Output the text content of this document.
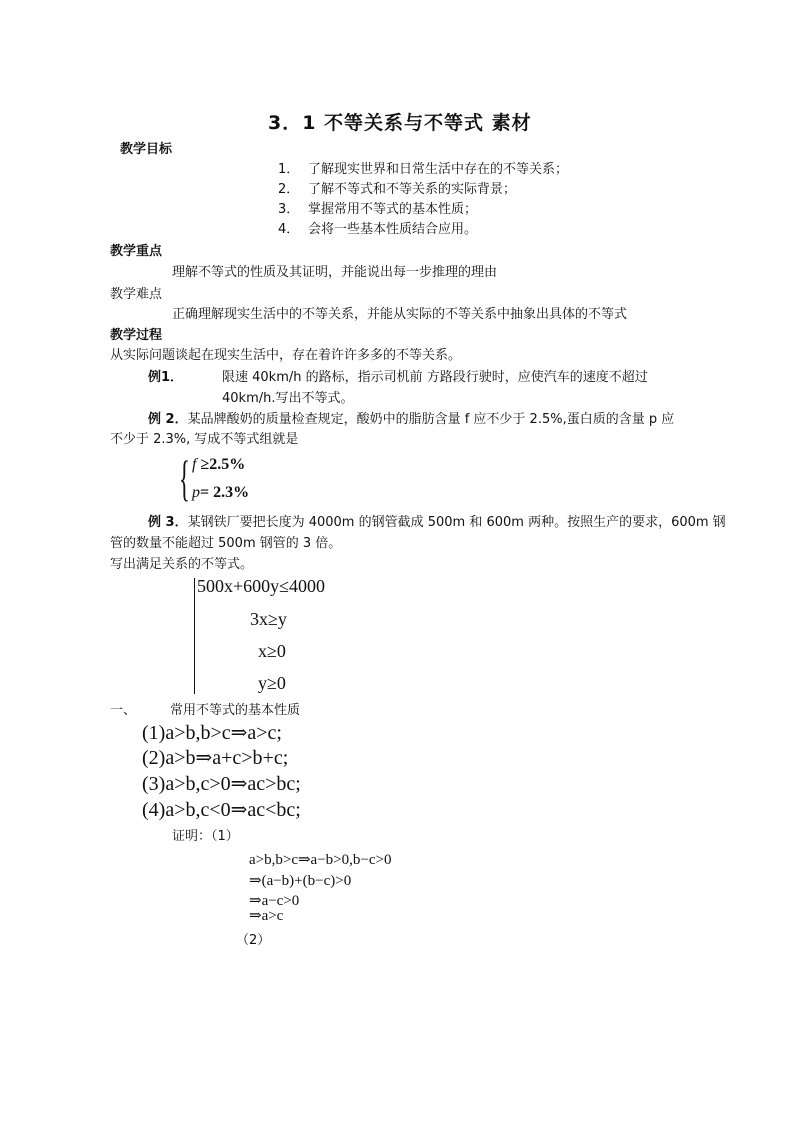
3．1 不等关系与不等式 素材
教学目标
1． 了解现实世界和日常生活中存在的不等关系；
2． 了解不等式和不等关系的实际背景；
3． 掌握常用不等式的基本性质；
4． 会将一些基本性质结合应用。
教学重点
理解不等式的性质及其证明，并能说出每一步推理的理由
教学难点
正确理解现实生活中的不等关系，并能从实际的不等关系中抽象出具体的不等式
教学过程
从实际问题谈起在现实生活中，存在着许许多多的不等关系。
例1．	限速 40km/h 的路标，指示司机前 方路段行驶时，应使汽车的速度不超过
40km/h.写出不等式。
例 2．某品牌酸奶的质量检查规定，酸奶中的脂肪含量 f 应不少于 2.5%,蛋白质的含量 p 应
不少于 2.3%, 写成不等式组就是
{ f ≥2.5%
p= 2.3%
例 3．某钢铁厂要把长度为 4000m 的钢管截成 500m 和 600m 两种。按照生产的要求，600m 钢
管的数量不能超过 500m 钢管的 3 倍。
写出满足关系的不等式。
500x+600y≤4000
3x≥y
x≥0
y≥0
一、	常用不等式的基本性质
(1)a>b,b>c⇒a>c;
(2)a>b⇒a+c>b+c;
(3)a>b,c>0⇒ac>bc;
(4)a>b,c<0⇒ac<bc;
证明：（1）
a>b,b>c⇒a−b>0,b−c>0
⇒(a−b)+(b−c)>0
⇒a−c>0
⇒a>c
（2）
